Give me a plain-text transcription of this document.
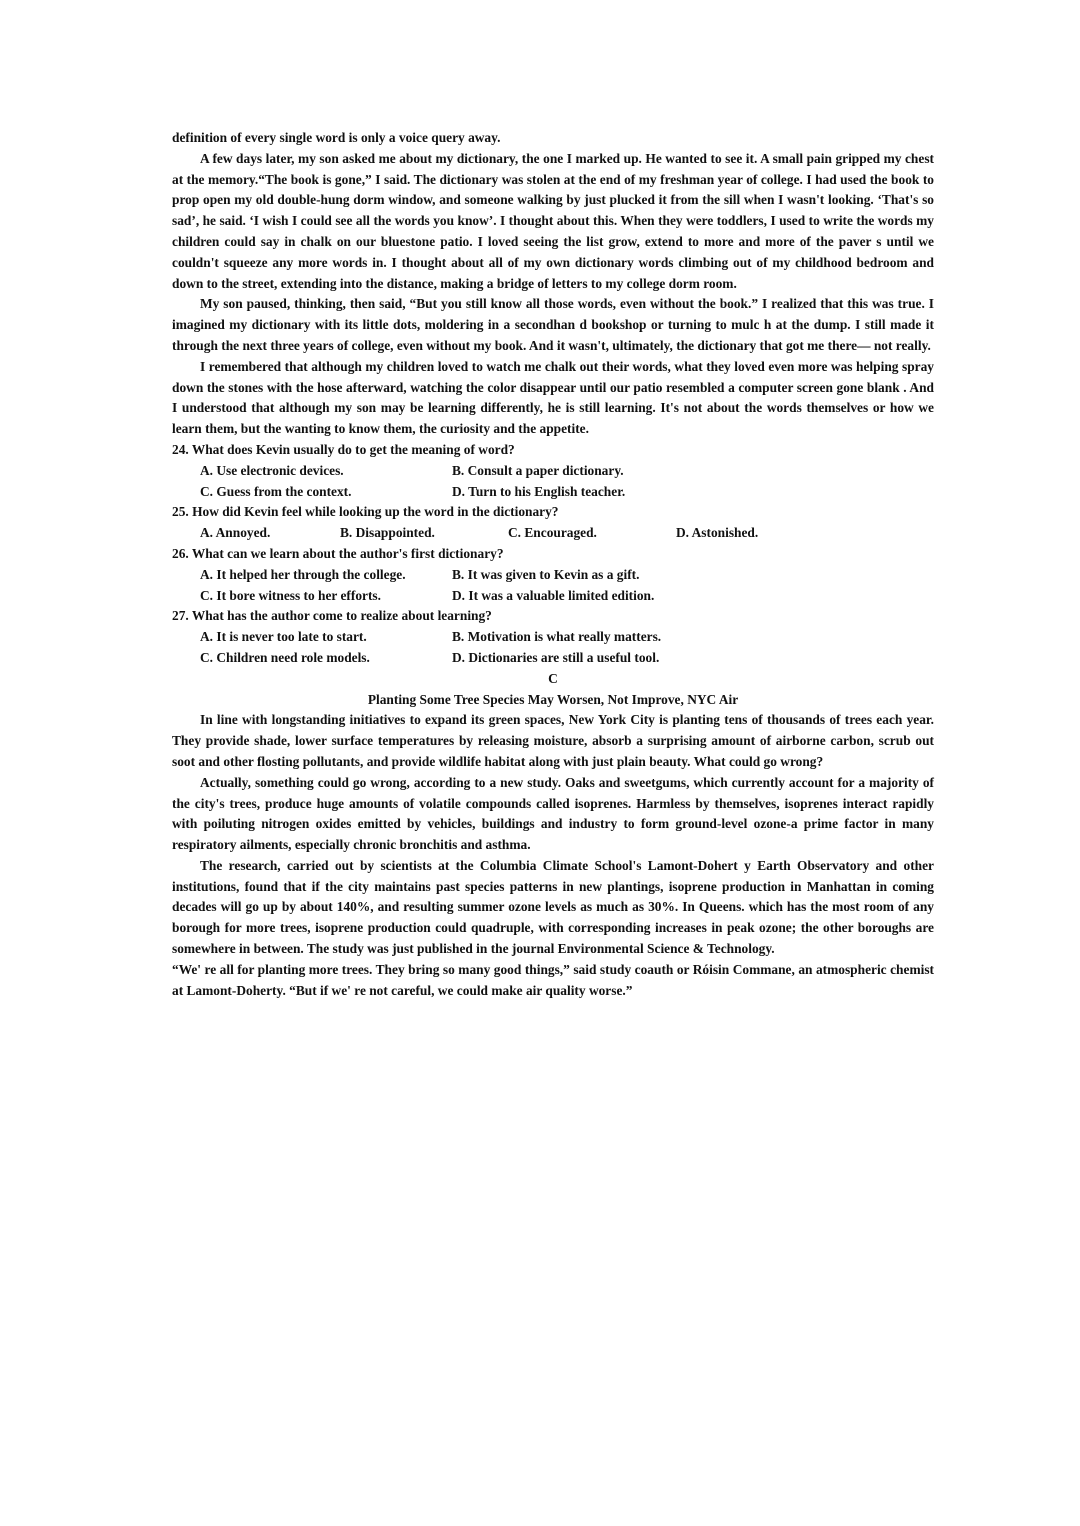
definition of every single word is only a voice query away.

A few days later, my son asked me about my dictionary, the one I marked up. He wanted to see it. A small pain gripped my chest at the memory.“The book is gone,” I said. The dictionary was stolen at the end of my freshman year of college. I had used the book to prop open my old double-hung dorm window, and someone walking by just plucked it from the sill when I wasn't looking. ‘That's so sad’, he said. ‘I wish I could see all the words you know’. I thought about this. When they were toddlers, I used to write the words my children could say in chalk on our bluestone patio. I loved seeing the list grow, extend to more and more of the paver s until we couldn't squeeze any more words in. I thought about all of my own dictionary words climbing out of my childhood bedroom and down to the street, extending into the distance, making a bridge of letters to my college dorm room.

My son paused, thinking, then said, “But you still know all those words, even without the book.” I realized that this was true. I imagined my dictionary with its little dots, moldering in a secondhan d bookshop or turning to mulc h at the dump. I still made it through the next three years of college, even without my book. And it wasn't, ultimately, the dictionary that got me there— not really.

I remembered that although my children loved to watch me chalk out their words, what they loved even more was helping spray down the stones with the hose afterward, watching the color disappear until our patio resembled a computer screen gone blank . And I understood that although my son may be learning differently, he is still learning. It's not about the words themselves or how we learn them, but the wanting to know them, the curiosity and the appetite.

24. What does Kevin usually do to get the meaning of word?
A. Use electronic devices.	B. Consult a paper dictionary.
C. Guess from the context.	D. Turn to his English teacher.
25. How did Kevin feel while looking up the word in the dictionary?
A. Annoyed.	B. Disappointed.	C. Encouraged.	D. Astonished.
26. What can we learn about the author's first dictionary?
A. It helped her through the college.	B. It was given to Kevin as a gift.
C. It bore witness to her efforts.	D. It was a valuable limited edition.
27. What has the author come to realize about learning?
A. It is never too late to start.	B. Motivation is what really matters.
C. Children need role models.	D. Dictionaries are still a useful tool.
C
Planting Some Tree Species May Worsen, Not Improve, NYC Air

In line with longstanding initiatives to expand its green spaces, New York City is planting tens of thousands of trees each year. They provide shade, lower surface temperatures by releasing moisture, absorb a surprising amount of airborne carbon, scrub out soot and other flosting pollutants, and provide wildlife habitat along with just plain beauty. What could go wrong?

Actually, something could go wrong, according to a new study. Oaks and sweetgums, which currently account for a majority of the city's trees, produce huge amounts of volatile compounds called isoprenes. Harmless by themselves, isoprenes interact rapidly with poiluting nitrogen oxides emitted by vehicles, buildings and industry to form ground-level ozone-a prime factor in many respiratory ailments, especially chronic bronchitis and asthma.

The research, carried out by scientists at the Columbia Climate School's Lamont-Dohert y Earth Observatory and other institutions, found that if the city maintains past species patterns in new plantings, isoprene production in Manhattan in coming decades will go up by about 140%, and resulting summer ozone levels as much as 30%. In Queens. which has the most room of any borough for more trees, isoprene production could quadruple, with corresponding increases in peak ozone; the other boroughs are somewhere in between. The study was just published in the journal Environmental Science & Technology.

“We' re all for planting more trees. They bring so many good things,” said study coauth or Róisin Commane, an atmospheric chemist at Lamont-Doherty. “But if we' re not careful, we could make air quality worse.”
